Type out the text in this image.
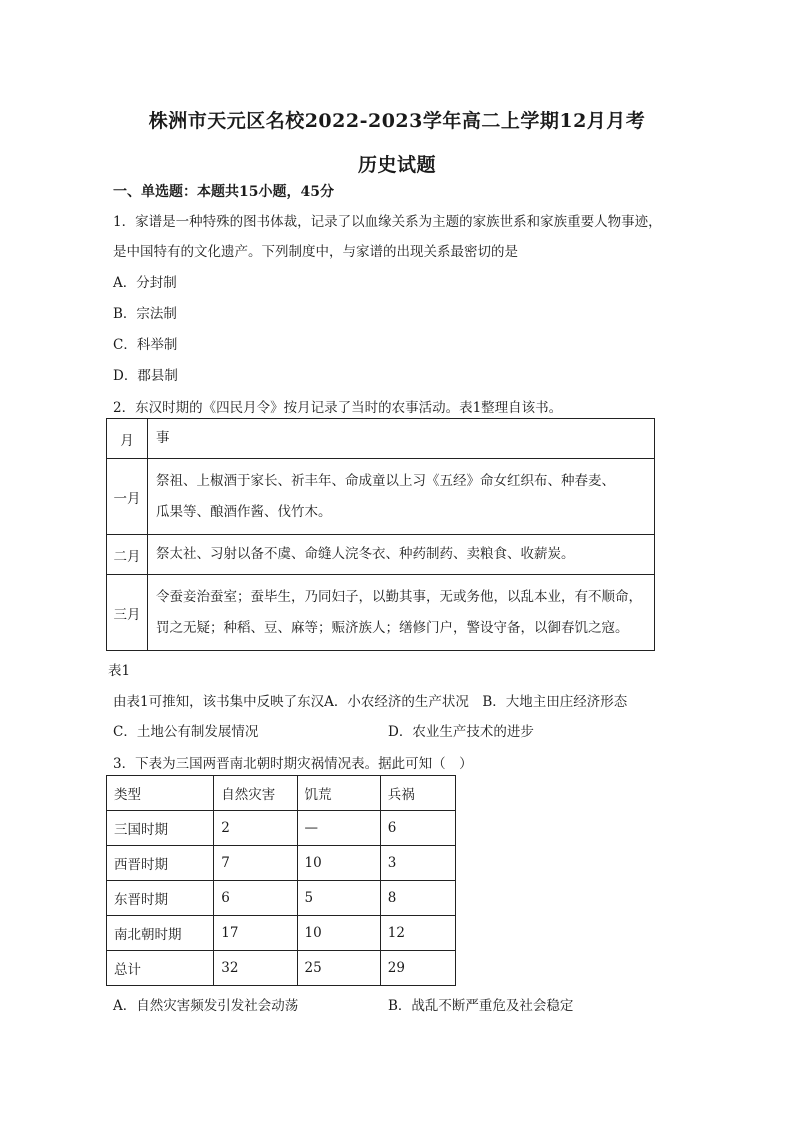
株洲市天元区名校2022-2023学年高二上学期12月月考
历史试题
一、单选题：本题共15小题，45分
1．家谱是一种特殊的图书体裁，记录了以血缘关系为主题的家族世系和家族重要人物事迹，
是中国特有的文化遗产。下列制度中，与家谱的出现关系最密切的是
A．分封制
B．宗法制
C．科举制
D．郡县制
2．东汉时期的《四民月令》按月记录了当时的农事活动。表1整理自该书。
月	事
一月	祭祖、上椒酒于家长、祈丰年、命成童以上习《五经》命女红织布、种春麦、
瓜果等、酿酒作酱、伐竹木。

二月	祭太社、习射以备不虞、命缝人浣冬衣、种药制药、卖粮食、收薪炭。

三月	令蚕妾治蚕室；蚕毕生，乃同妇子，以勤其事，无或务他，以乱本业，有不顺命，
罚之无疑；种稻、豆、麻等；赈济族人；缮修门户，警设守备，以御春饥之寇。
表1
由表1可推知，该书集中反映了东汉A．小农经济的生产状况　B．大地主田庄经济形态
C．土地公有制发展情况	D．农业生产技术的进步
3．下表为三国两晋南北朝时期灾祸情况表。据此可知（　）
类型	自然灾害	饥荒	兵祸
三国时期	2	—	6
西晋时期	7	10	3
东晋时期	6	5	8
南北朝时期	17	10	12
总计	32	25	29
A．自然灾害频发引发社会动荡	B．战乱不断严重危及社会稳定
